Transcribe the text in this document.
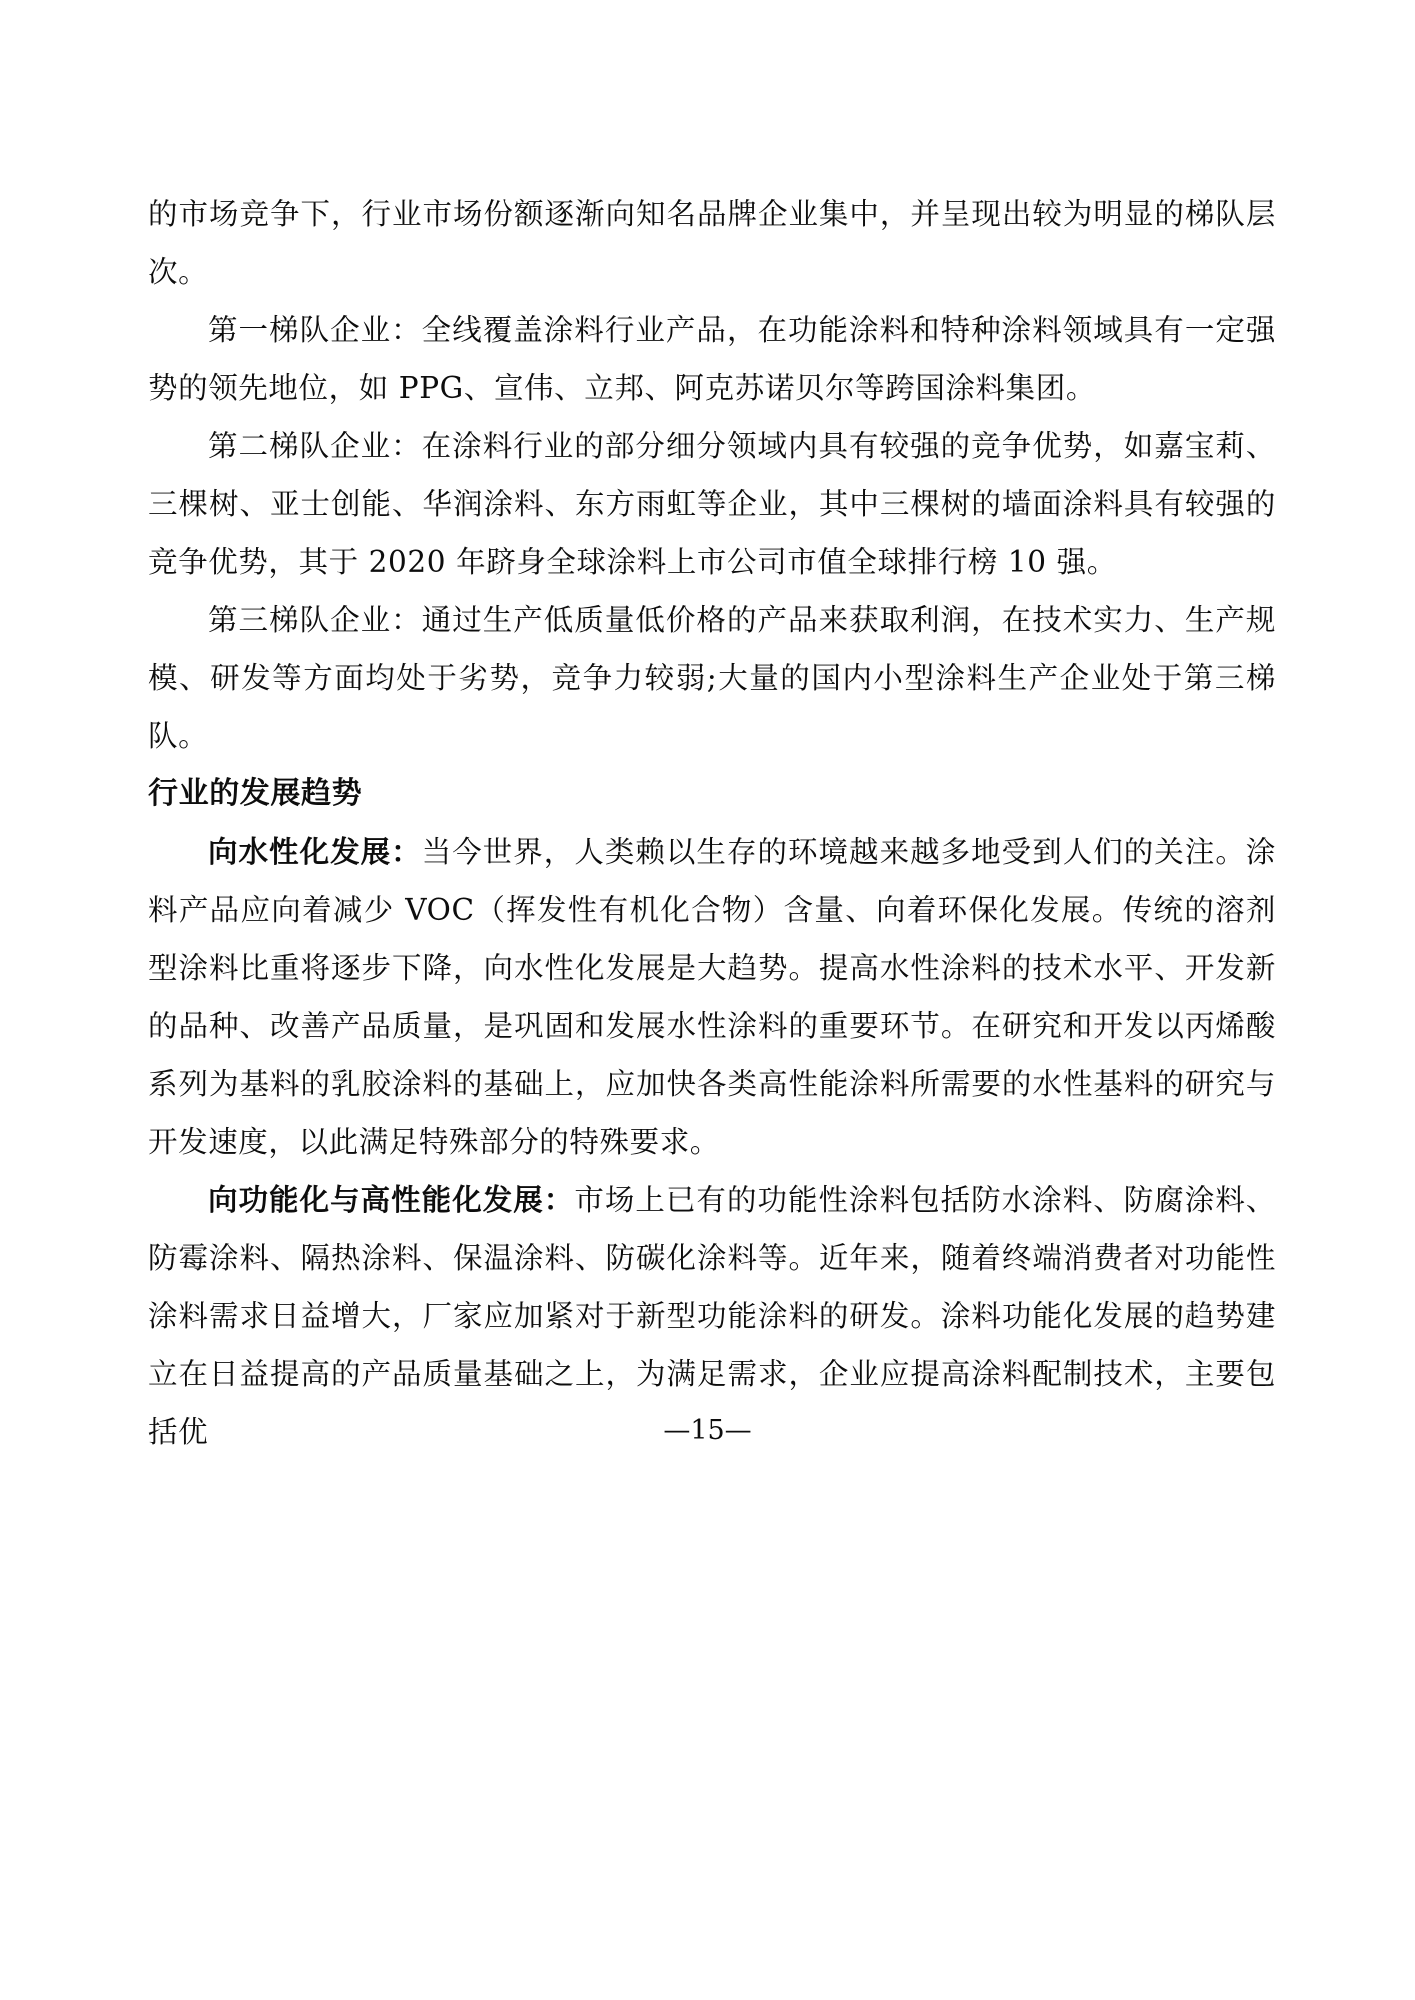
的市场竞争下，行业市场份额逐渐向知名品牌企业集中，并呈现出较为明显的梯队层次。

第一梯队企业：全线覆盖涂料行业产品，在功能涂料和特种涂料领域具有一定强势的领先地位，如 PPG、宣伟、立邦、阿克苏诺贝尔等跨国涂料集团。

第二梯队企业：在涂料行业的部分细分领域内具有较强的竞争优势，如嘉宝莉、三棵树、亚士创能、华润涂料、东方雨虹等企业，其中三棵树的墙面涂料具有较强的竞争优势，其于 2020 年跻身全球涂料上市公司市值全球排行榜 10 强。

第三梯队企业：通过生产低质量低价格的产品来获取利润，在技术实力、生产规模、研发等方面均处于劣势，竞争力较弱;大量的国内小型涂料生产企业处于第三梯队。

行业的发展趋势

向水性化发展：当今世界，人类赖以生存的环境越来越多地受到人们的关注。涂料产品应向着减少 VOC（挥发性有机化合物）含量、向着环保化发展。传统的溶剂型涂料比重将逐步下降，向水性化发展是大趋势。提高水性涂料的技术水平、开发新的品种、改善产品质量，是巩固和发展水性涂料的重要环节。在研究和开发以丙烯酸系列为基料的乳胶涂料的基础上，应加快各类高性能涂料所需要的水性基料的研究与开发速度，以此满足特殊部分的特殊要求。

向功能化与高性能化发展：市场上已有的功能性涂料包括防水涂料、防腐涂料、防霉涂料、隔热涂料、保温涂料、防碳化涂料等。近年来，随着终端消费者对功能性涂料需求日益增大，厂家应加紧对于新型功能涂料的研发。涂料功能化发展的趋势建立在日益提高的产品质量基础之上，为满足需求，企业应提高涂料配制技术，主要包括优	—15—
